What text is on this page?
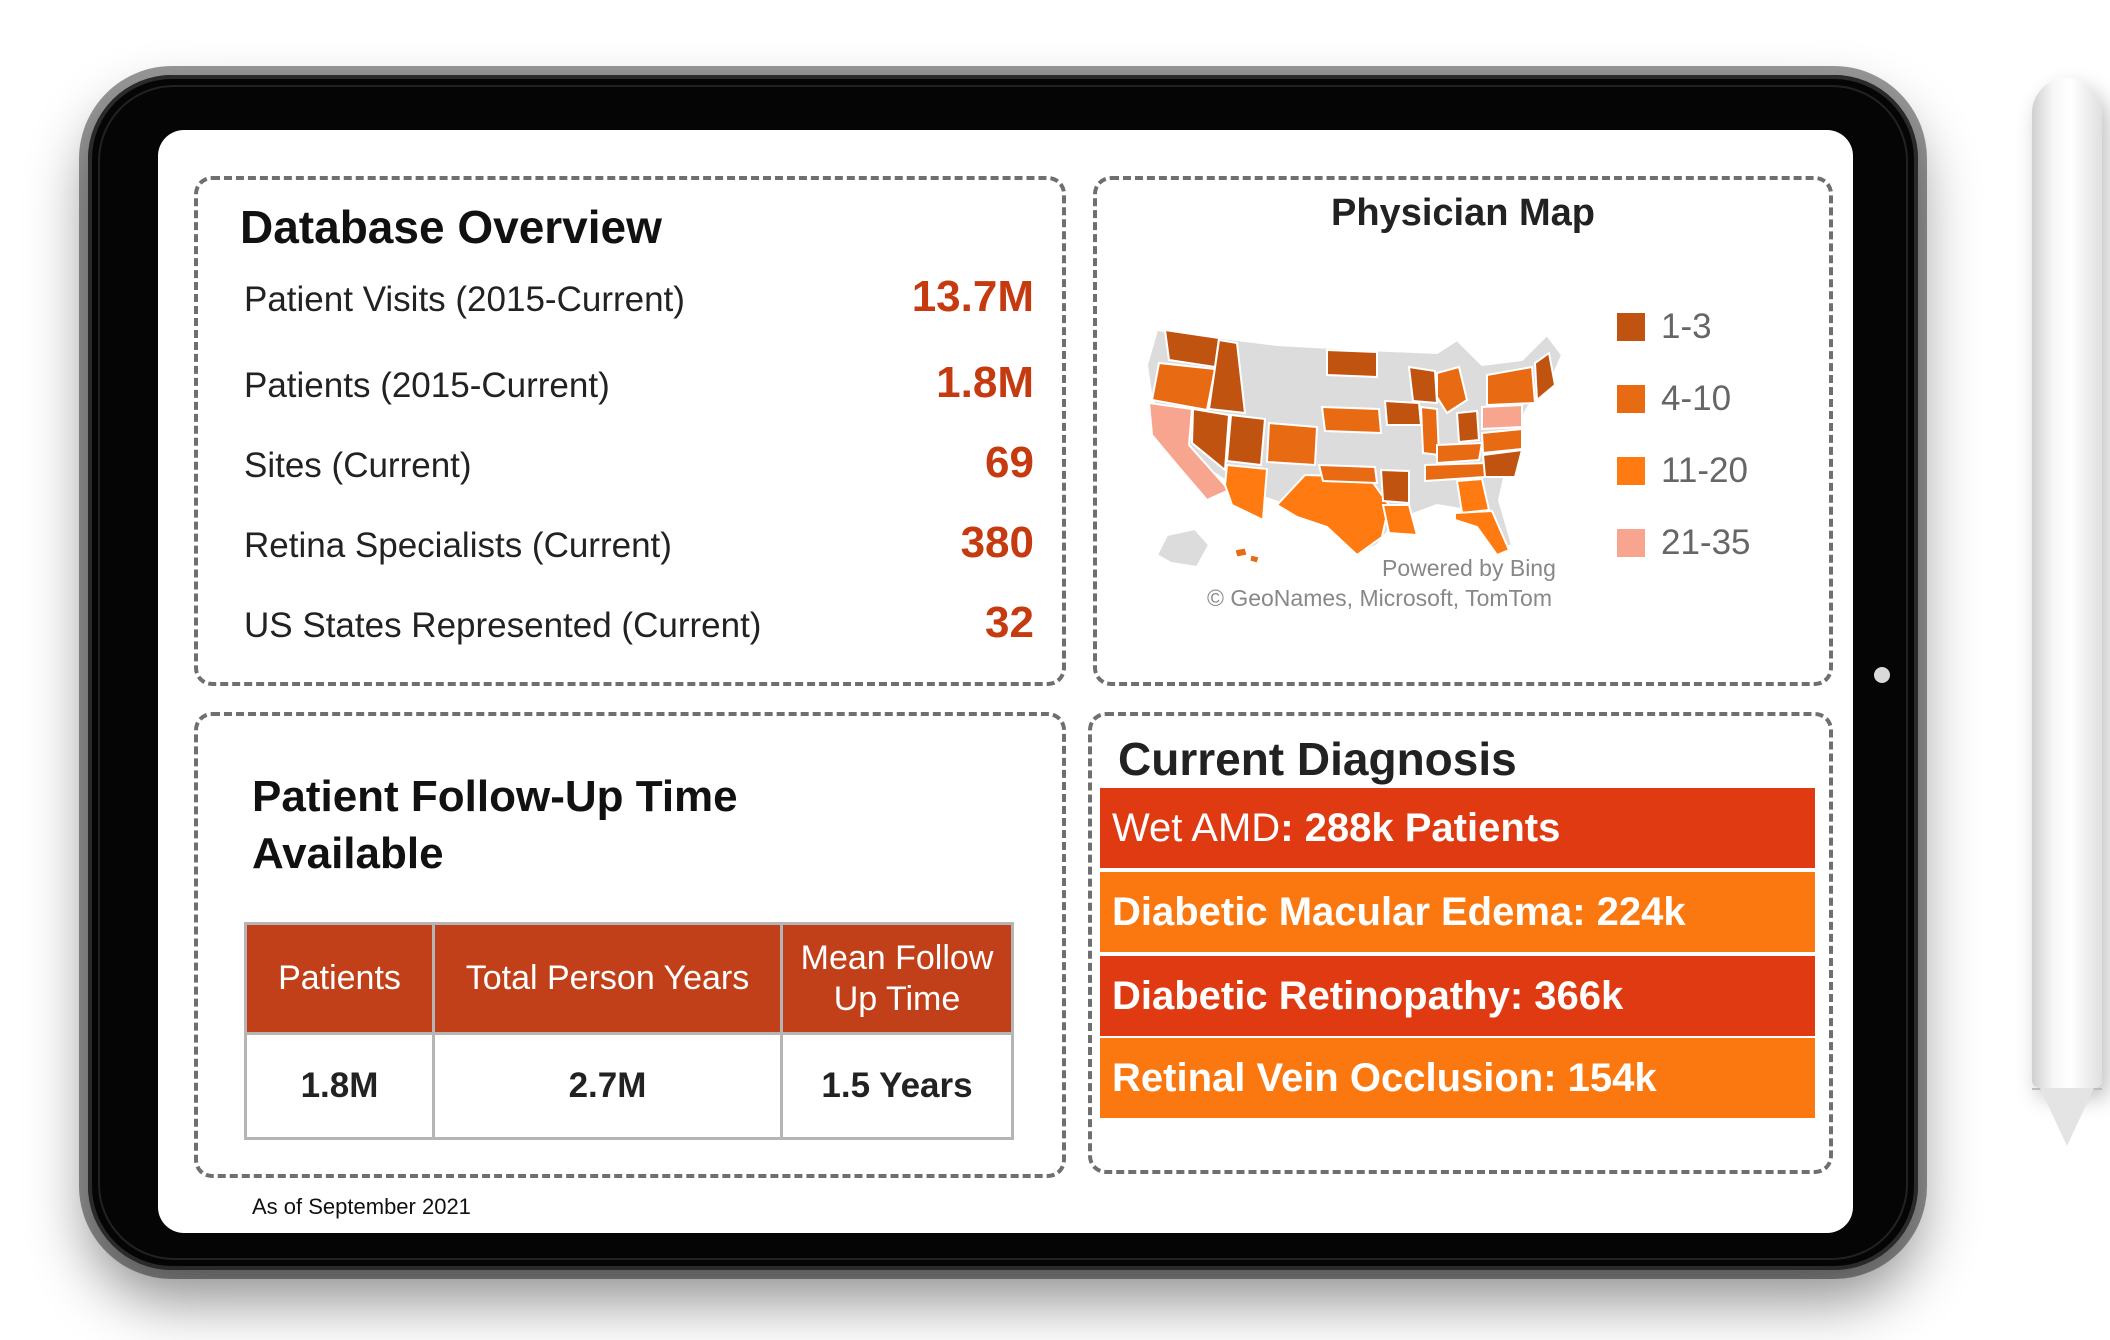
Database Overview
Patient Visits (2015-Current)	13.7M
Patients (2015-Current)	1.8M
Sites (Current)	69
Retina Specialists (Current)	380
US States Represented (Current)	32
Physician Map
1-3
4-10
11-20
21-35
Powered by Bing
© GeoNames, Microsoft, TomTom
Patient Follow-Up Time Available
Patients	Total Person Years	Mean Follow Up Time
1.8M	2.7M	1.5 Years
Current Diagnosis
Wet AMD: 288k Patients
Diabetic Macular Edema: 224k
Diabetic Retinopathy: 366k
Retinal Vein Occlusion: 154k
As of September 2021
